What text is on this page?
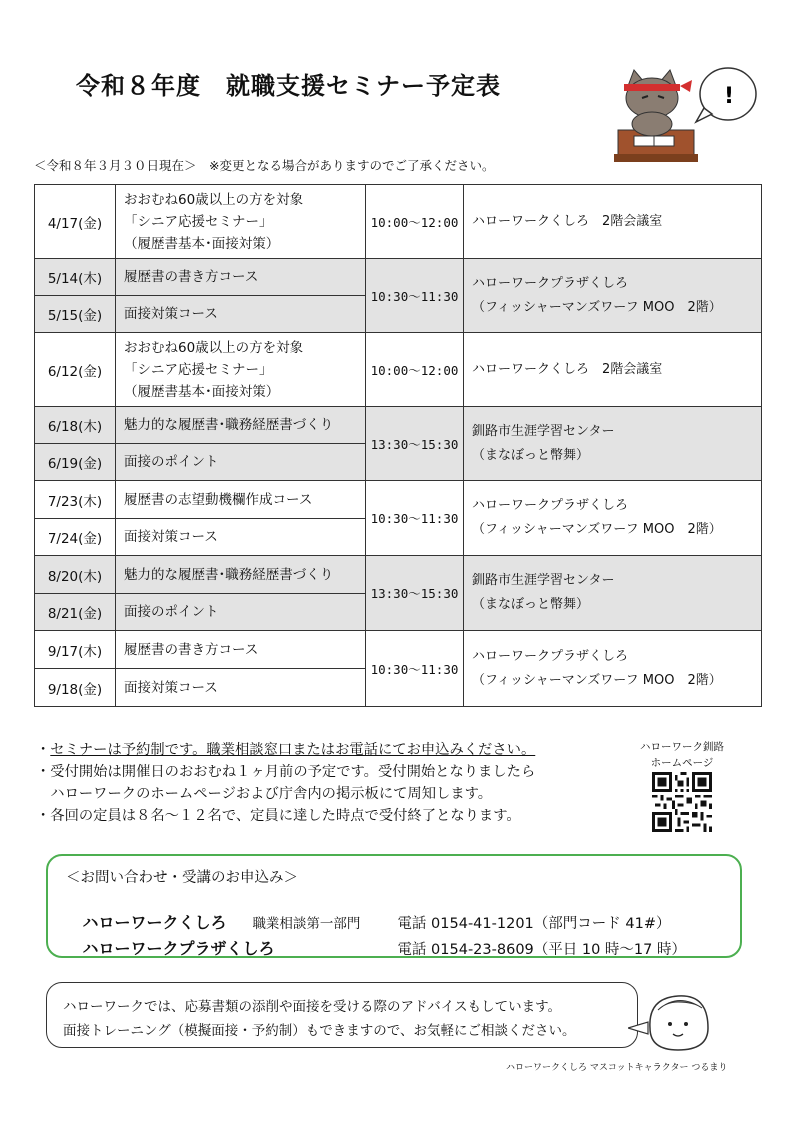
令和８年度　就職支援セミナー予定表	!
＜令和８年３月３０日現在＞　※変更となる場合がありますのでご了承ください。
4/17(金)	おおむね60歳以上の方を対象
「シニア応援セミナー」
（履歴書基本･面接対策）	10:00～12:00	ハローワークくしろ　2階会議室

5/14(木)	履歴書の書き方コース	10:30～11:30	ハローワークプラザくしろ
（フィッシャーマンズワーフ MOO　2階）

5/15(金)	面接対策コース		

6/12(金)	おおむね60歳以上の方を対象
「シニア応援セミナー」
（履歴書基本･面接対策）	10:00～12:00	ハローワークくしろ　2階会議室

6/18(木)	魅力的な履歴書･職務経歴書づくり	13:30～15:30	釧路市生涯学習センター
（まなぼっと幣舞）

6/19(金)	面接のポイント		

7/23(木)	履歴書の志望動機欄作成コース	10:30～11:30	ハローワークプラザくしろ
（フィッシャーマンズワーフ MOO　2階）

7/24(金)	面接対策コース		

8/20(木)	魅力的な履歴書･職務経歴書づくり	13:30～15:30	釧路市生涯学習センター
（まなぼっと幣舞）

8/21(金)	面接のポイント		

9/17(木)	履歴書の書き方コース	10:30～11:30	ハローワークプラザくしろ
（フィッシャーマンズワーフ MOO　2階）

9/18(金)	面接対策コース		
・セミナーは予約制です。職業相談窓口またはお電話にてお申込みください。
・受付開始は開催日のおおむね１ヶ月前の予定です。受付開始となりましたら
　ハローワークのホームページおよび庁舎内の掲示板にて周知します。
・各回の定員は８名～１２名で、定員に達した時点で受付終了となります。
ハローワーク釧路
ホームページ
＜お問い合わせ・受講のお申込み＞

ハローワークくしろ 職業相談第一部門	電話 0154-41-1201（部門コード 41#）

ハローワークプラザくしろ	電話 0154-23-8609（平日 10 時～17 時）

ハローワークでは、応募書類の添削や面接を受ける際のアドバイスもしています。
面接トレーニング（模擬面接・予約制）もできますので、お気軽にご相談ください。
ハローワークくしろ マスコットキャラクター つるまり
